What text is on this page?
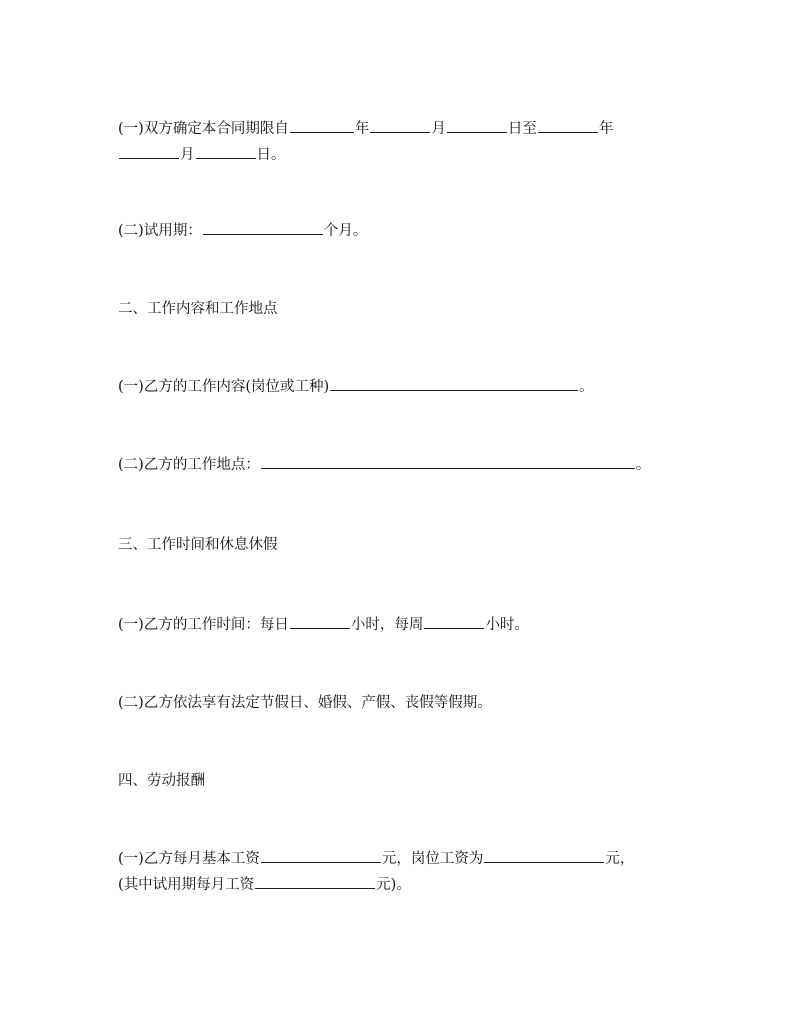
(一)双方确定本合同期限自	年	月	日至	年
月	日。
(二)试用期：	个月。
二、工作内容和工作地点
(一)乙方的工作内容(岗位或工种)	。
(二)乙方的工作地点：	。
三、工作时间和休息休假
(一)乙方的工作时间：每日	小时，每周	小时。
(二)乙方依法享有法定节假日、婚假、产假、丧假等假期。
四、劳动报酬
(一)乙方每月基本工资	元，岗位工资为	元，
(其中试用期每月工资	元)。
